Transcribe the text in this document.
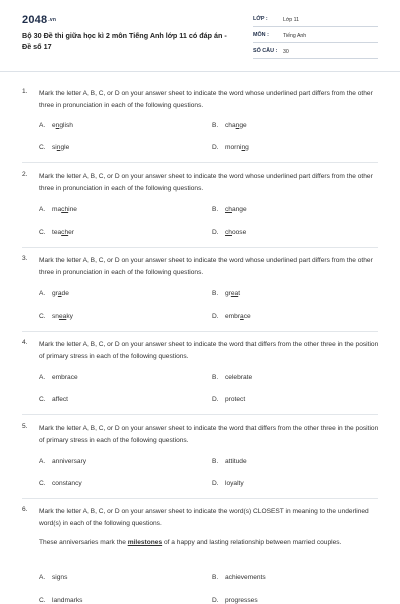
2048.vn
Bộ 30 Đề thi giữa học kì 2 môn Tiếng Anh lớp 11 có đáp án - Đề số 17
LỚP :	Lớp 11
MÔN :	Tiếng Anh
SỐ CÂU : 30
1. Mark the letter A, B, C, or D on your answer sheet to indicate the word whose underlined part differs from the other three in pronunciation in each of the following questions.
A. english	B. change
C. single	D. morning
2. Mark the letter A, B, C, or D on your answer sheet to indicate the word whose underlined part differs from the other three in pronunciation in each of the following questions.
A. machine	B. change
C. teacher	D. choose
3. Mark the letter A, B, C, or D on your answer sheet to indicate the word whose underlined part differs from the other three in pronunciation in each of the following questions.
A. grade	B. great
C. sneaky	D. embrace
4. Mark the letter A, B, C, or D on your answer sheet to indicate the word that differs from the other three in the position of primary stress in each of the following questions.
A. embrace	B. celebrate
C. affect	D. protect
5. Mark the letter A, B, C, or D on your answer sheet to indicate the word that differs from the other three in the position of primary stress in each of the following questions.
A. anniversary	B. attitude
C. constancy	D. loyalty
6. Mark the letter A, B, C, or D on your answer sheet to indicate the word(s) CLOSEST in meaning to the underlined word(s) in each of the following questions.
These anniversaries mark the milestones of a happy and lasting relationship between married couples.
A. signs	B. achievements
C. landmarks	D. progresses
